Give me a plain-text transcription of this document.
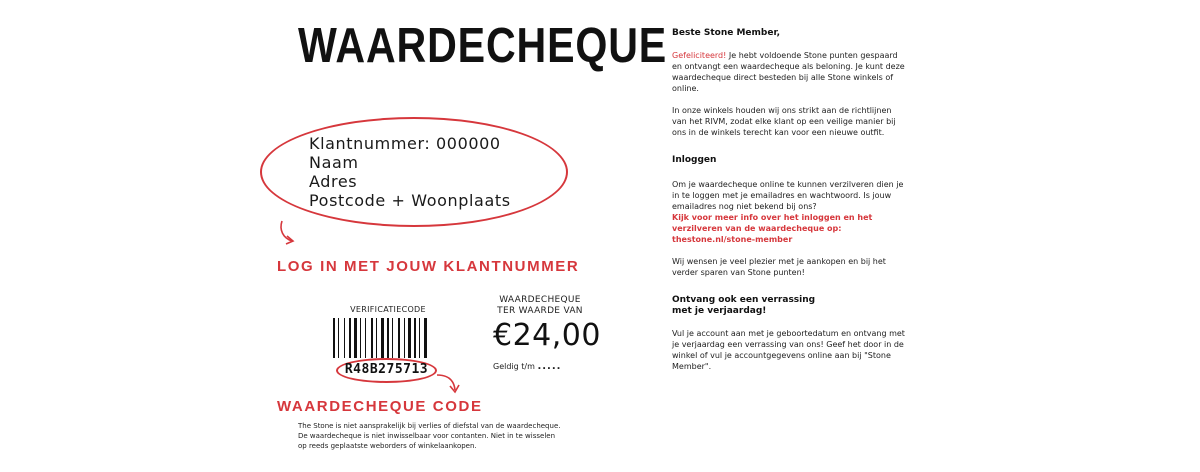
WAARDECHEQUE
Klantnummer: 000000
Naam
Adres
Postcode + Woonplaats
LOG IN MET JOUW KLANTNUMMER
VERIFICATIECODE
R48B275713
WAARDECHEQUE CODE
WAARDECHEQUE
TER WAARDE VAN
€24,00
Geldig t/m .....
The Stone is niet aansprakelijk bij verlies of diefstal van de waardecheque.
De waardecheque is niet inwisselbaar voor contanten. Niet in te wisselen
op reeds geplaatste weborders of winkelaankopen.

Beste Stone Member,

Gefeliciteerd! Je hebt voldoende Stone punten gespaard en ontvangt een waardecheque als beloning. Je kunt deze waardecheque direct besteden bij alle Stone winkels of online.

In onze winkels houden wij ons strikt aan de richtlijnen van het RIVM, zodat elke klant op een veilige manier bij ons in de winkels terecht kan voor een nieuwe outfit.

Inloggen

Om je waardecheque online te kunnen verzilveren dien je in te loggen met je emailadres en wachtwoord. Is jouw emailadres nog niet bekend bij ons?

Kijk voor meer info over het inloggen en het verzilveren van de waardecheque op: thestone.nl/stone-member

Wij wensen je veel plezier met je aankopen en bij het verder sparen van Stone punten!

Ontvang ook een verrassing

met je verjaardag!

Vul je account aan met je geboortedatum en ontvang met je verjaardag een verrassing van ons! Geef het door in de winkel of vul je accountgegevens online aan bij "Stone Member".
